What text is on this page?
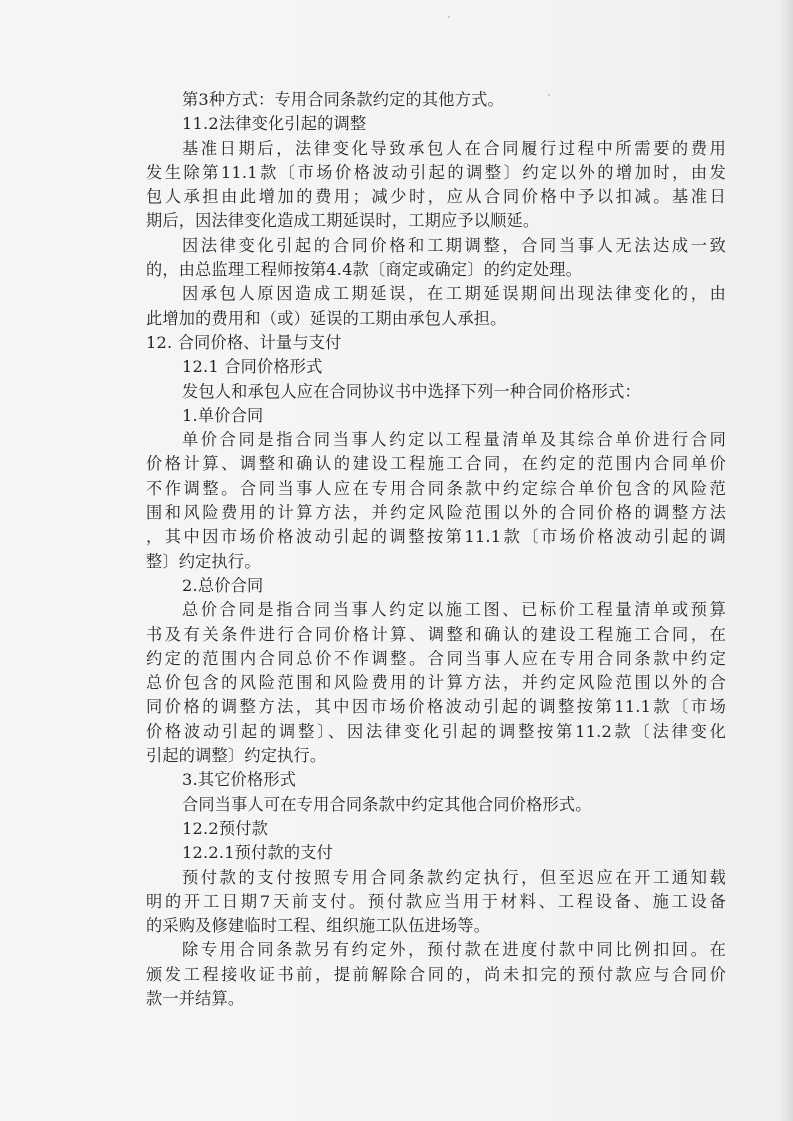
第3种方式：专用合同条款约定的其他方式。
11.2法律变化引起的调整
基准日期后，法律变化导致承包人在合同履行过程中所需要的费用
发生除第11.1款〔市场价格波动引起的调整〕约定以外的增加时，由发
包人承担由此增加的费用；减少时，应从合同价格中予以扣减。基准日
期后，因法律变化造成工期延误时，工期应予以顺延。
因法律变化引起的合同价格和工期调整，合同当事人无法达成一致
的，由总监理工程师按第4.4款〔商定或确定〕的约定处理。
因承包人原因造成工期延误，在工期延误期间出现法律变化的，由
此增加的费用和（或）延误的工期由承包人承担。
12. 合同价格、计量与支付
12.1 合同价格形式
发包人和承包人应在合同协议书中选择下列一种合同价格形式：
1.单价合同
单价合同是指合同当事人约定以工程量清单及其综合单价进行合同
价格计算、调整和确认的建设工程施工合同，在约定的范围内合同单价
不作调整。合同当事人应在专用合同条款中约定综合单价包含的风险范
围和风险费用的计算方法，并约定风险范围以外的合同价格的调整方法
，其中因市场价格波动引起的调整按第11.1款〔市场价格波动引起的调
整〕约定执行。
2.总价合同
总价合同是指合同当事人约定以施工图、已标价工程量清单或预算
书及有关条件进行合同价格计算、调整和确认的建设工程施工合同，在
约定的范围内合同总价不作调整。合同当事人应在专用合同条款中约定
总价包含的风险范围和风险费用的计算方法，并约定风险范围以外的合
同价格的调整方法，其中因市场价格波动引起的调整按第11.1款〔市场
价格波动引起的调整〕、因法律变化引起的调整按第11.2款〔法律变化
引起的调整〕约定执行。
3.其它价格形式
合同当事人可在专用合同条款中约定其他合同价格形式。
12.2预付款
12.2.1预付款的支付
预付款的支付按照专用合同条款约定执行，但至迟应在开工通知载
明的开工日期7天前支付。预付款应当用于材料、工程设备、施工设备
的采购及修建临时工程、组织施工队伍进场等。
除专用合同条款另有约定外，预付款在进度付款中同比例扣回。在
颁发工程接收证书前，提前解除合同的，尚未扣完的预付款应与合同价
款一并结算。
